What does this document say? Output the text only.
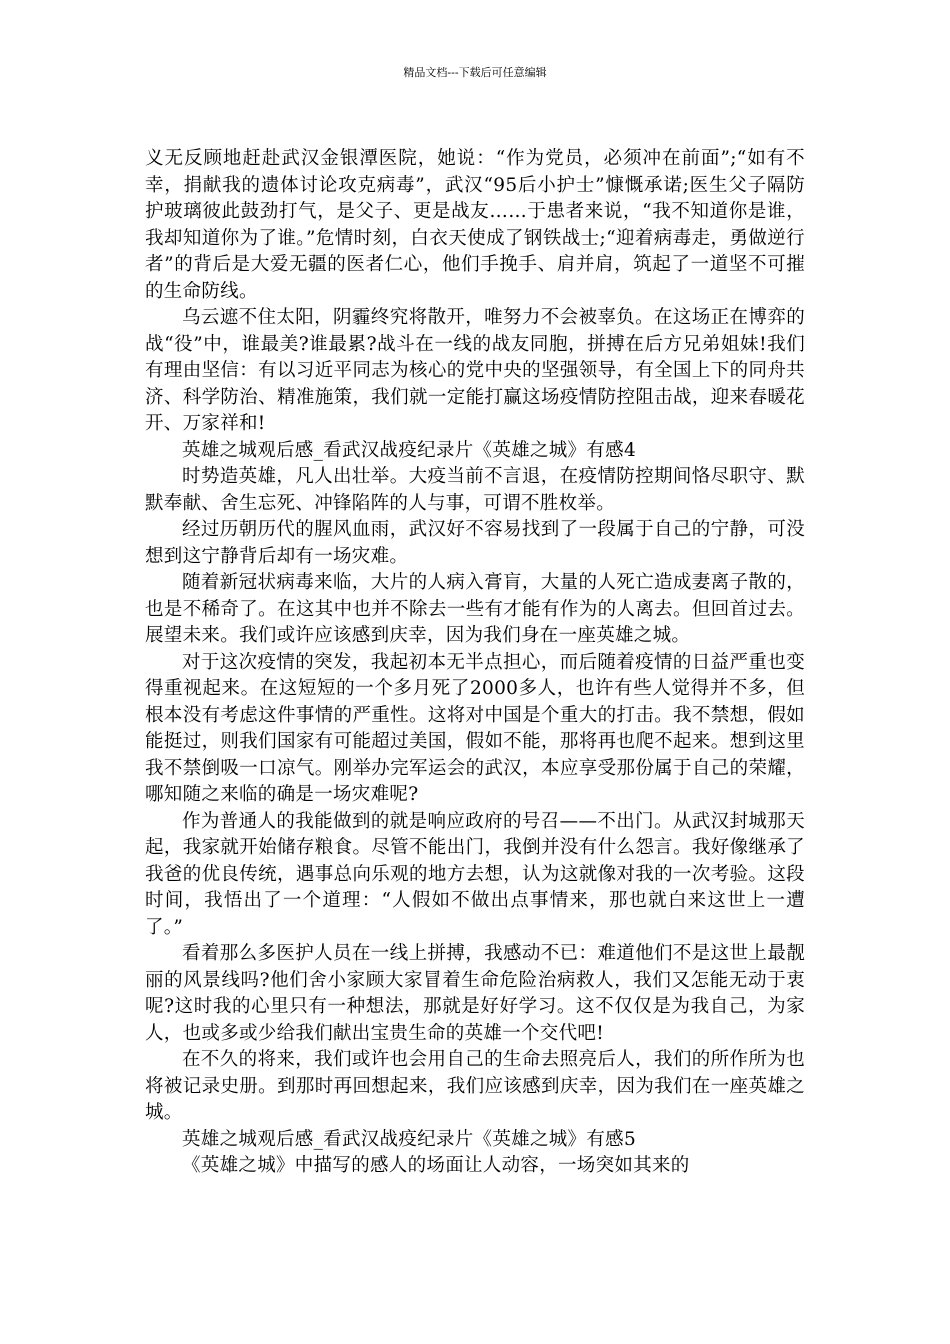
精品文档---下载后可任意编辑

义无反顾地赶赴武汉金银潭医院，她说：“作为党员，必须冲在前面”;“如有不幸，捐献我的遗体讨论攻克病毒”，武汉“95后小护士”慷慨承诺;医生父子隔防护玻璃彼此鼓劲打气，是父子、更是战友……于患者来说，“我不知道你是谁，我却知道你为了谁。”危情时刻，白衣天使成了钢铁战士;“迎着病毒走，勇做逆行者”的背后是大爱无疆的医者仁心，他们手挽手、肩并肩，筑起了一道坚不可摧的生命防线。

乌云遮不住太阳，阴霾终究将散开，唯努力不会被辜负。在这场正在博弈的战“役”中，谁最美?谁最累?战斗在一线的战友同胞，拼搏在后方兄弟姐妹!我们有理由坚信：有以习近平同志为核心的党中央的坚强领导，有全国上下的同舟共济、科学防治、精准施策，我们就一定能打赢这场疫情防控阻击战，迎来春暖花开、万家祥和!

英雄之城观后感_看武汉战疫纪录片《英雄之城》有感4

时势造英雄，凡人出壮举。大疫当前不言退，在疫情防控期间恪尽职守、默默奉献、舍生忘死、冲锋陷阵的人与事，可谓不胜枚举。

经过历朝历代的腥风血雨，武汉好不容易找到了一段属于自己的宁静，可没想到这宁静背后却有一场灾难。

随着新冠状病毒来临，大片的人病入膏肓，大量的人死亡造成妻离子散的，也是不稀奇了。在这其中也并不除去一些有才能有作为的人离去。但回首过去。展望未来。我们或许应该感到庆幸，因为我们身在一座英雄之城。

对于这次疫情的突发，我起初本无半点担心，而后随着疫情的日益严重也变得重视起来。在这短短的一个多月死了2000多人，也许有些人觉得并不多，但根本没有考虑这件事情的严重性。这将对中国是个重大的打击。我不禁想，假如能挺过，则我们国家有可能超过美国，假如不能，那将再也爬不起来。想到这里我不禁倒吸一口凉气。刚举办完军运会的武汉，本应享受那份属于自己的荣耀，哪知随之来临的确是一场灾难呢?

作为普通人的我能做到的就是响应政府的号召——不出门。从武汉封城那天起，我家就开始储存粮食。尽管不能出门，我倒并没有什么怨言。我好像继承了我爸的优良传统，遇事总向乐观的地方去想，认为这就像对我的一次考验。这段时间，我悟出了一个道理：“人假如不做出点事情来，那也就白来这世上一遭了。”

看着那么多医护人员在一线上拼搏，我感动不已：难道他们不是这世上最靓丽的风景线吗?他们舍小家顾大家冒着生命危险治病救人，我们又怎能无动于衷呢?这时我的心里只有一种想法，那就是好好学习。这不仅仅是为我自己，为家人，也或多或少给我们献出宝贵生命的英雄一个交代吧!

在不久的将来，我们或许也会用自己的生命去照亮后人，我们的所作所为也将被记录史册。到那时再回想起来，我们应该感到庆幸，因为我们在一座英雄之城。

英雄之城观后感_看武汉战疫纪录片《英雄之城》有感5

《英雄之城》中描写的感人的场面让人动容，一场突如其来的
